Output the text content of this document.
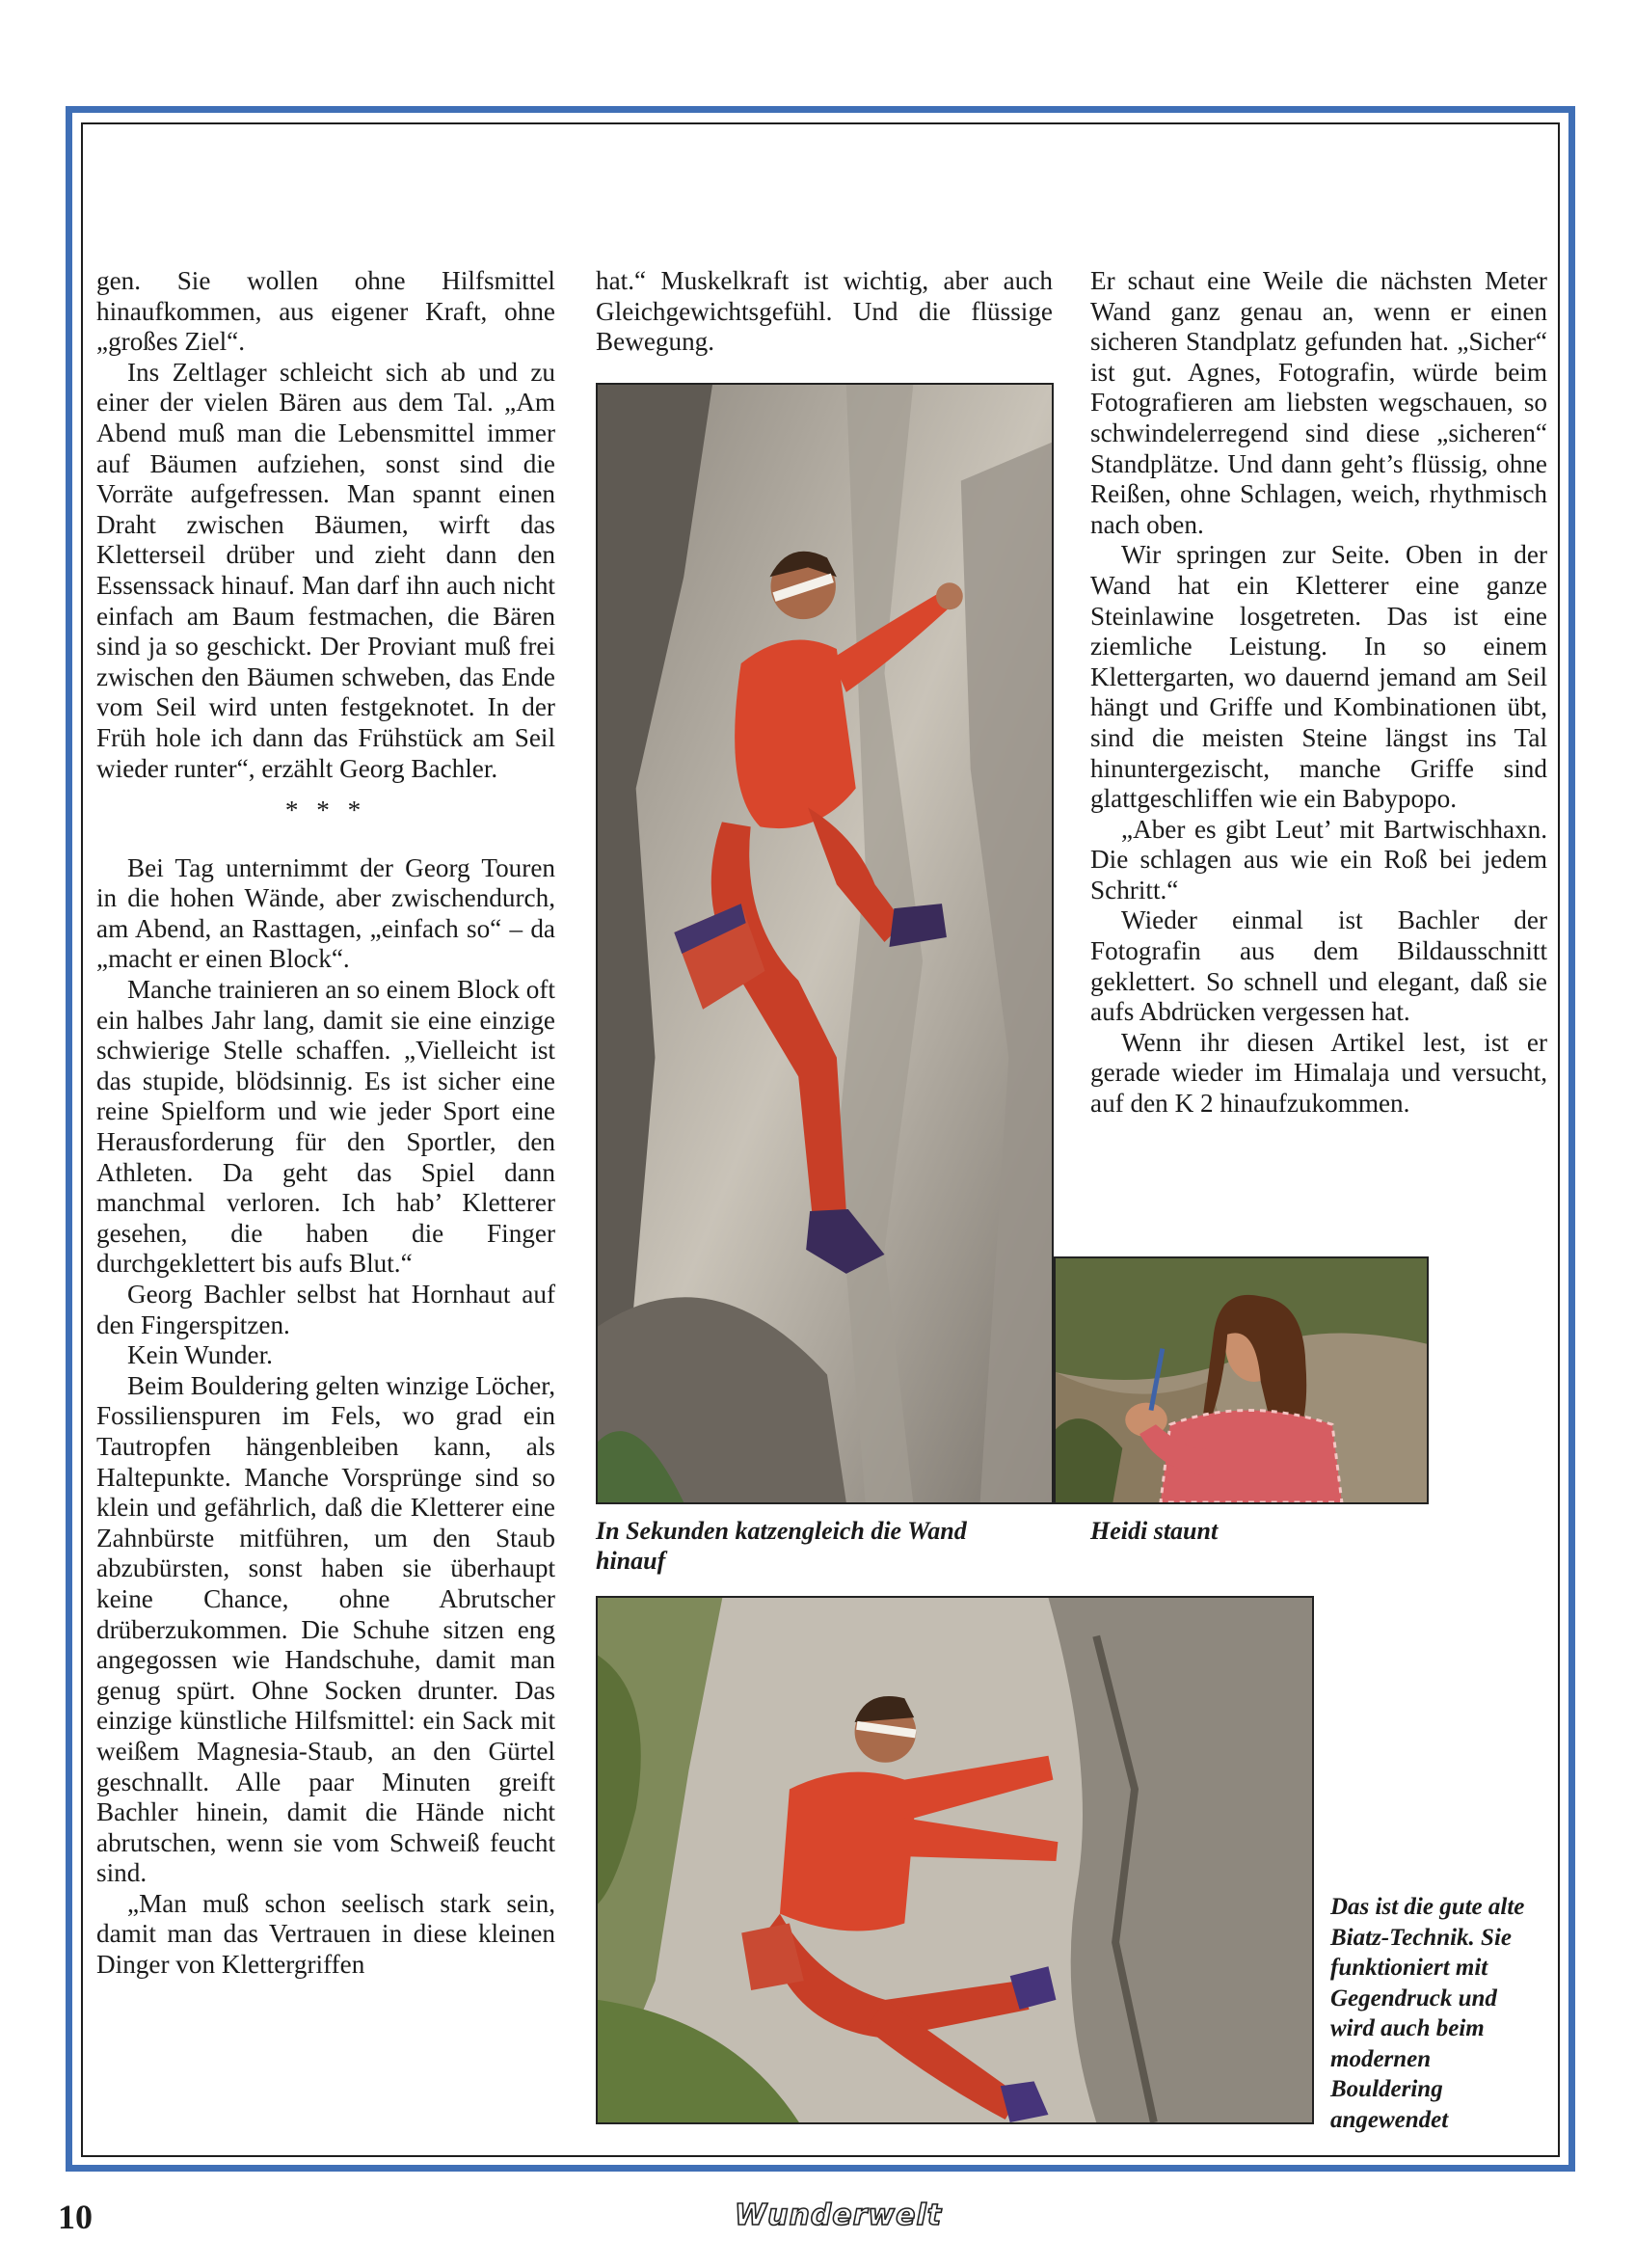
gen. Sie wollen ohne Hilfsmittel hinaufkommen, aus eigener Kraft, ohne „großes Ziel“.

Ins Zeltlager schleicht sich ab und zu einer der vielen Bären aus dem Tal. „Am Abend muß man die Lebensmittel immer auf Bäumen aufziehen, sonst sind die Vorräte aufgefressen. Man spannt einen Draht zwischen Bäumen, wirft das Kletterseil drüber und zieht dann den Essenssack hinauf. Man darf ihn auch nicht einfach am Baum festmachen, die Bären sind ja so geschickt. Der Proviant muß frei zwischen den Bäumen schweben, das Ende vom Seil wird unten festgeknotet. In der Früh hole ich dann das Frühstück am Seil wieder runter“, erzählt Georg Bachler.

* * *

Bei Tag unternimmt der Georg Touren in die hohen Wände, aber zwischendurch, am Abend, an Rasttagen, „einfach so“ – da „macht er einen Block“.

Manche trainieren an so einem Block oft ein halbes Jahr lang, damit sie eine einzige schwierige Stelle schaffen. „Vielleicht ist das stupide, blödsinnig. Es ist sicher eine reine Spielform und wie jeder Sport eine Herausforderung für den Sportler, den Athleten. Da geht das Spiel dann manchmal verloren. Ich hab’ Kletterer gesehen, die haben die Finger durchgeklettert bis aufs Blut.“

Georg Bachler selbst hat Hornhaut auf den Fingerspitzen.

Kein Wunder.

Beim Bouldering gelten winzige Löcher, Fossilienspuren im Fels, wo grad ein Tautropfen hängenbleiben kann, als Haltepunkte. Manche Vorsprünge sind so klein und gefährlich, daß die Kletterer eine Zahnbürste mitführen, um den Staub abzubürsten, sonst haben sie überhaupt keine Chance, ohne Abrutscher drüberzukommen. Die Schuhe sitzen eng angegossen wie Handschuhe, damit man genug spürt. Ohne Socken drunter. Das einzige künstliche Hilfsmittel: ein Sack mit weißem Magnesia-Staub, an den Gürtel geschnallt. Alle paar Minuten greift Bachler hinein, damit die Hände nicht abrutschen, wenn sie vom Schweiß feucht sind.

„Man muß schon seelisch stark sein, damit man das Vertrauen in diese kleinen Dinger von Klettergriffen

hat.“ Muskelkraft ist wichtig, aber auch Gleichgewichtsgefühl. Und die flüssige Bewegung.

Er schaut eine Weile die nächsten Meter Wand ganz genau an, wenn er einen sicheren Standplatz gefunden hat. „Sicher“ ist gut. Agnes, Fotografin, würde beim Fotografieren am liebsten wegschauen, so schwindelerregend sind diese „sicheren“ Standplätze. Und dann geht’s flüssig, ohne Reißen, ohne Schlagen, weich, rhythmisch nach oben.

Wir springen zur Seite. Oben in der Wand hat ein Kletterer eine ganze Steinlawine losgetreten. Das ist eine ziemliche Leistung. In so einem Klettergarten, wo dauernd jemand am Seil hängt und Griffe und Kombinationen übt, sind die meisten Steine längst ins Tal hinuntergezischt, manche Griffe sind glattgeschliffen wie ein Babypopo.

„Aber es gibt Leut’ mit Bartwischhaxn. Die schlagen aus wie ein Roß bei jedem Schritt.“

Wieder einmal ist Bachler der Fotografin aus dem Bildausschnitt geklettert. So schnell und elegant, daß sie aufs Abdrücken vergessen hat.

Wenn ihr diesen Artikel lest, ist er gerade wieder im Himalaja und versucht, auf den K 2 hinaufzukommen.

In Sekunden katzengleich die Wand hinauf
Heidi staunt
Das ist die gute alte Biatz-Technik. Sie funktioniert mit Gegendruck und wird auch beim modernen Bouldering angewendet
10	Wunderwelt
